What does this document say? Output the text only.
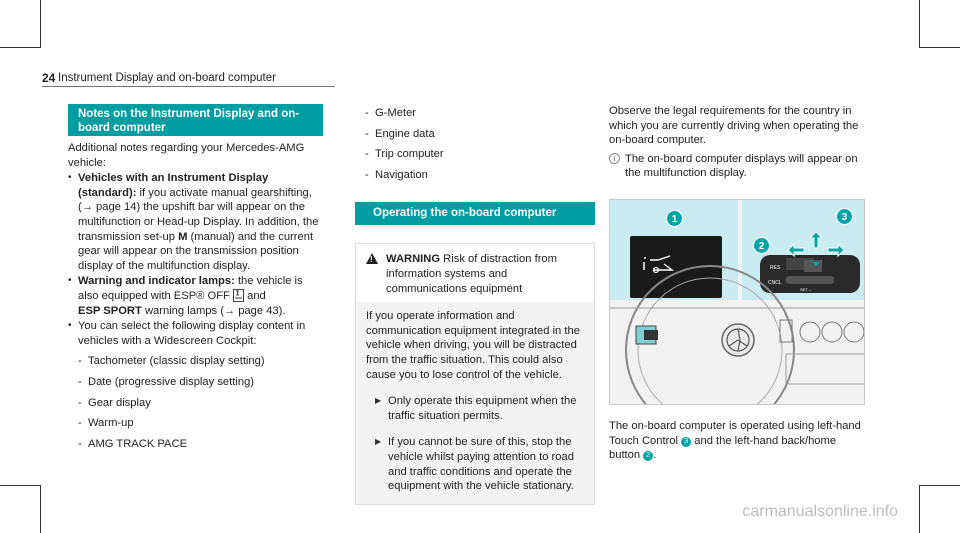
24 Instrument Display and on-board computer
Notes on the Instrument Display and on-board computer

Additional notes regarding your Mercedes-AMG vehicle:

• Vehicles with an Instrument Display (standard): if you activate manual gearshifting, (→ page 14) the upshift bar will appear on the multifunction or Head-up Display. In addition, the transmission set-up M (manual) and the current gear will appear on the transmission position display of the multifunction display.
• Warning and indicator lamps: the vehicle is also equipped with ESP® OFF  and
ESP SPORT warning lamps (→ page 43).
• You can select the following display content in vehicles with a Widescreen Cockpit:
- Tachometer (classic display setting)
- Date (progressive display setting)
- Gear display
- Warm-up
- AMG TRACK PACE
- G-Meter
- Engine data
- Trip computer
- Navigation
Operating the on-board computer
! WARNING Risk of distraction from information systems and communications equipment

If you operate information and communication equipment integrated in the vehicle when driving, you will be distracted from the traffic situation. This could also cause you to lose control of the vehicle.

▶ Only operate this equipment when the traffic situation permits.
▶ If you cannot be sure of this, stop the vehicle whilst paying attention to road and traffic conditions and operate the equipment with the vehicle stationary.

Observe the legal requirements for the country in which you are currently driving when operating the on-board computer.

i The on-board computer displays will appear on the multifunction display.
RES
CNCL
SET –
1
2
3

The on-board computer is operated using left-hand Touch Control 3 and the left-hand back/home button 2 .

carmanualsonline.info
